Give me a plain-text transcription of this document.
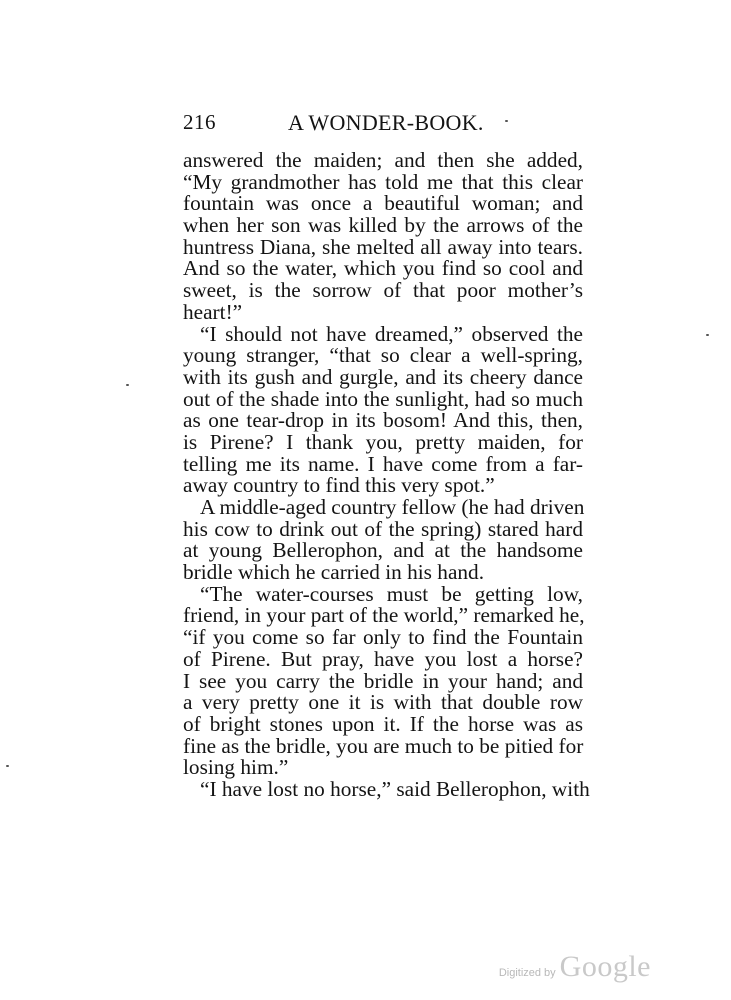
216	A WONDER-BOOK.
answered the maiden; and then she added,
“My grandmother has told me that this clear
fountain was once a beautiful woman; and
when her son was killed by the arrows of the
huntress Diana, she melted all away into tears.
And so the water, which you find so cool and
sweet, is the sorrow of that poor mother’s
heart!”
“I should not have dreamed,” observed the
young stranger, “that so clear a well-spring,
with its gush and gurgle, and its cheery dance
out of the shade into the sunlight, had so much
as one tear-drop in its bosom! And this, then,
is Pirene? I thank you, pretty maiden, for
telling me its name. I have come from a far-
away country to find this very spot.”
A middle-aged country fellow (he had driven
his cow to drink out of the spring) stared hard
at young Bellerophon, and at the handsome
bridle which he carried in his hand.
“The water-courses must be getting low,
friend, in your part of the world,” remarked he,
“if you come so far only to find the Fountain
of Pirene. But pray, have you lost a horse?
I see you carry the bridle in your hand; and
a very pretty one it is with that double row
of bright stones upon it. If the horse was as
fine as the bridle, you are much to be pitied for
losing him.”
“I have lost no horse,” said Bellerophon, with
Digitized by Google
